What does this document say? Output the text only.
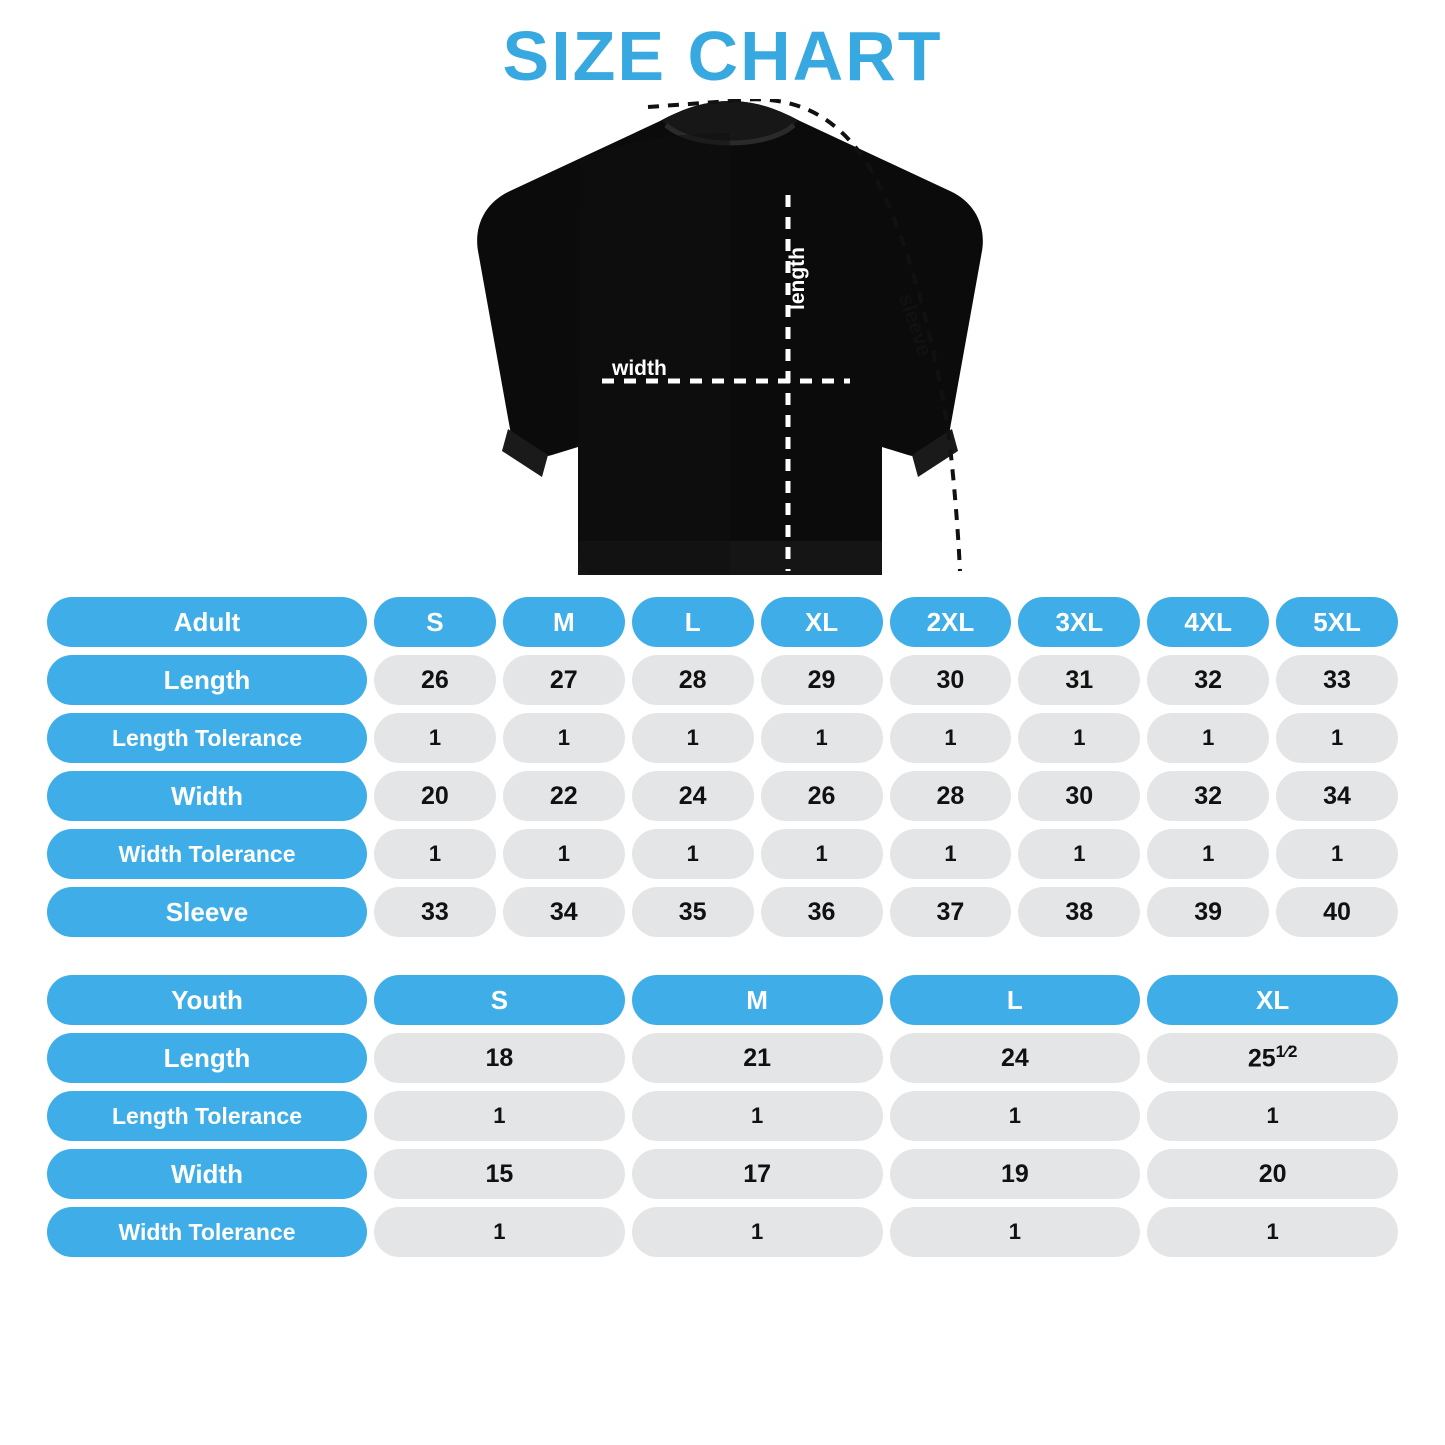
SIZE CHART
width
length
sleeve
Adult	S	M	L	XL	2XL	3XL	4XL	5XL
Length	26	27	28	29	30	31	32	33
Length Tolerance	1	1	1	1	1	1	1	1
Width	20	22	24	26	28	30	32	34
Width Tolerance	1	1	1	1	1	1	1	1
Sleeve	33	34	35	36	37	38	39	40
Youth	S	M	L	XL
Length	18	21	24	$25^{1⁄2}$
Length Tolerance	1	1	1	1
Width	15	17	19	20
Width Tolerance	1	1	1	1
